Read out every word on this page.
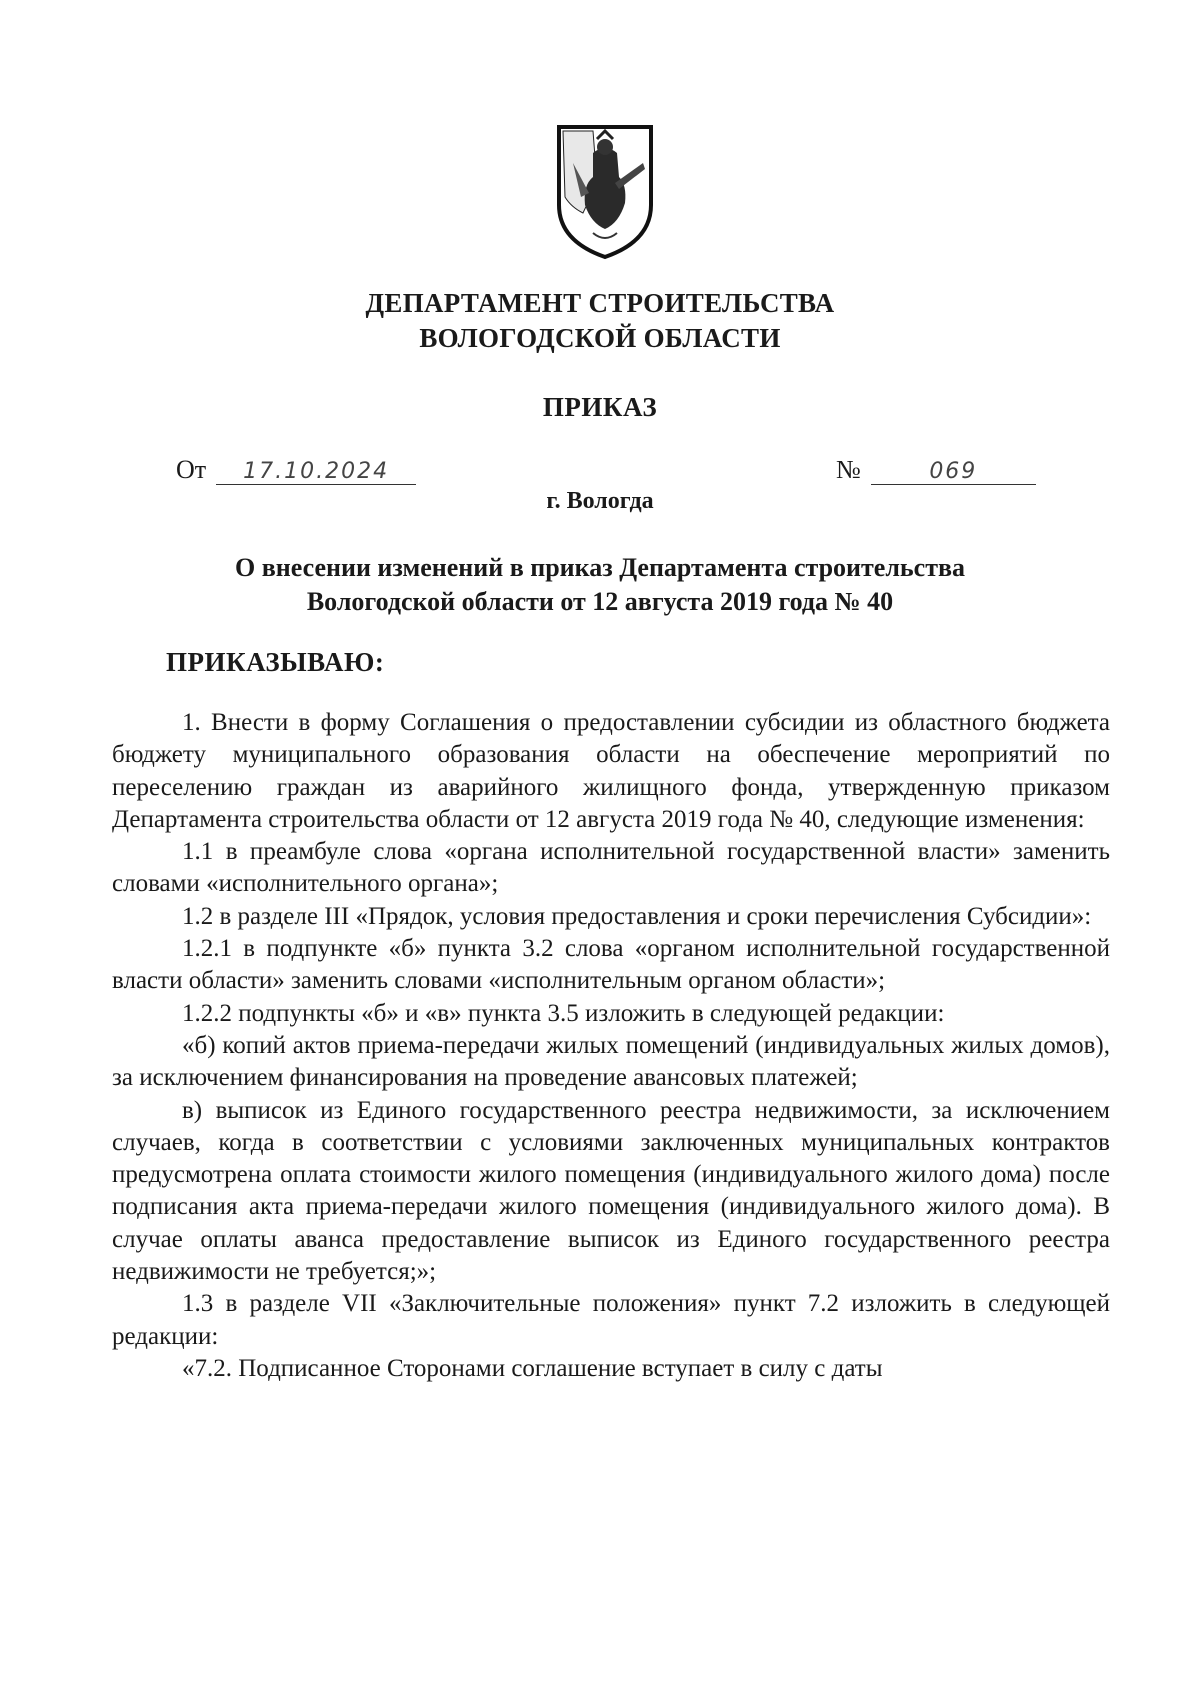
ДЕПАРТАМЕНТ СТРОИТЕЛЬСТВА
ВОЛОГОДСКОЙ ОБЛАСТИ
ПРИКАЗ
От 17.10.2024	№	069
г. Вологда
О внесении изменений в приказ Департамента строительства
Вологодской области от 12 августа 2019 года № 40
ПРИКАЗЫВАЮ:

1. Внести в форму Соглашения о предоставлении субсидии из областного бюджета бюджету муниципального образования области на обеспечение мероприятий по переселению граждан из аварийного жилищного фонда, утвержденную приказом Департамента строительства области от 12 августа 2019 года № 40, следующие изменения:

1.1 в преамбуле слова «органа исполнительной государственной власти» заменить словами «исполнительного органа»;

1.2 в разделе III «Прядок, условия предоставления и сроки перечисления Субсидии»:

1.2.1 в подпункте «б» пункта 3.2 слова «органом исполнительной государственной власти области» заменить словами «исполнительным органом области»;

1.2.2 подпункты «б» и «в» пункта 3.5 изложить в следующей редакции:

«б) копий актов приема-передачи жилых помещений (индивидуальных жилых домов), за исключением финансирования на проведение авансовых платежей;

в) выписок из Единого государственного реестра недвижимости, за исключением случаев, когда в соответствии с условиями заключенных муниципальных контрактов предусмотрена оплата стоимости жилого помещения (индивидуального жилого дома) после подписания акта приема-передачи жилого помещения (индивидуального жилого дома). В случае оплаты аванса предоставление выписок из Единого государственного реестра недвижимости не требуется;»;

1.3 в разделе VII «Заключительные положения» пункт 7.2 изложить в следующей редакции:

«7.2. Подписанное Сторонами соглашение вступает в силу с даты
